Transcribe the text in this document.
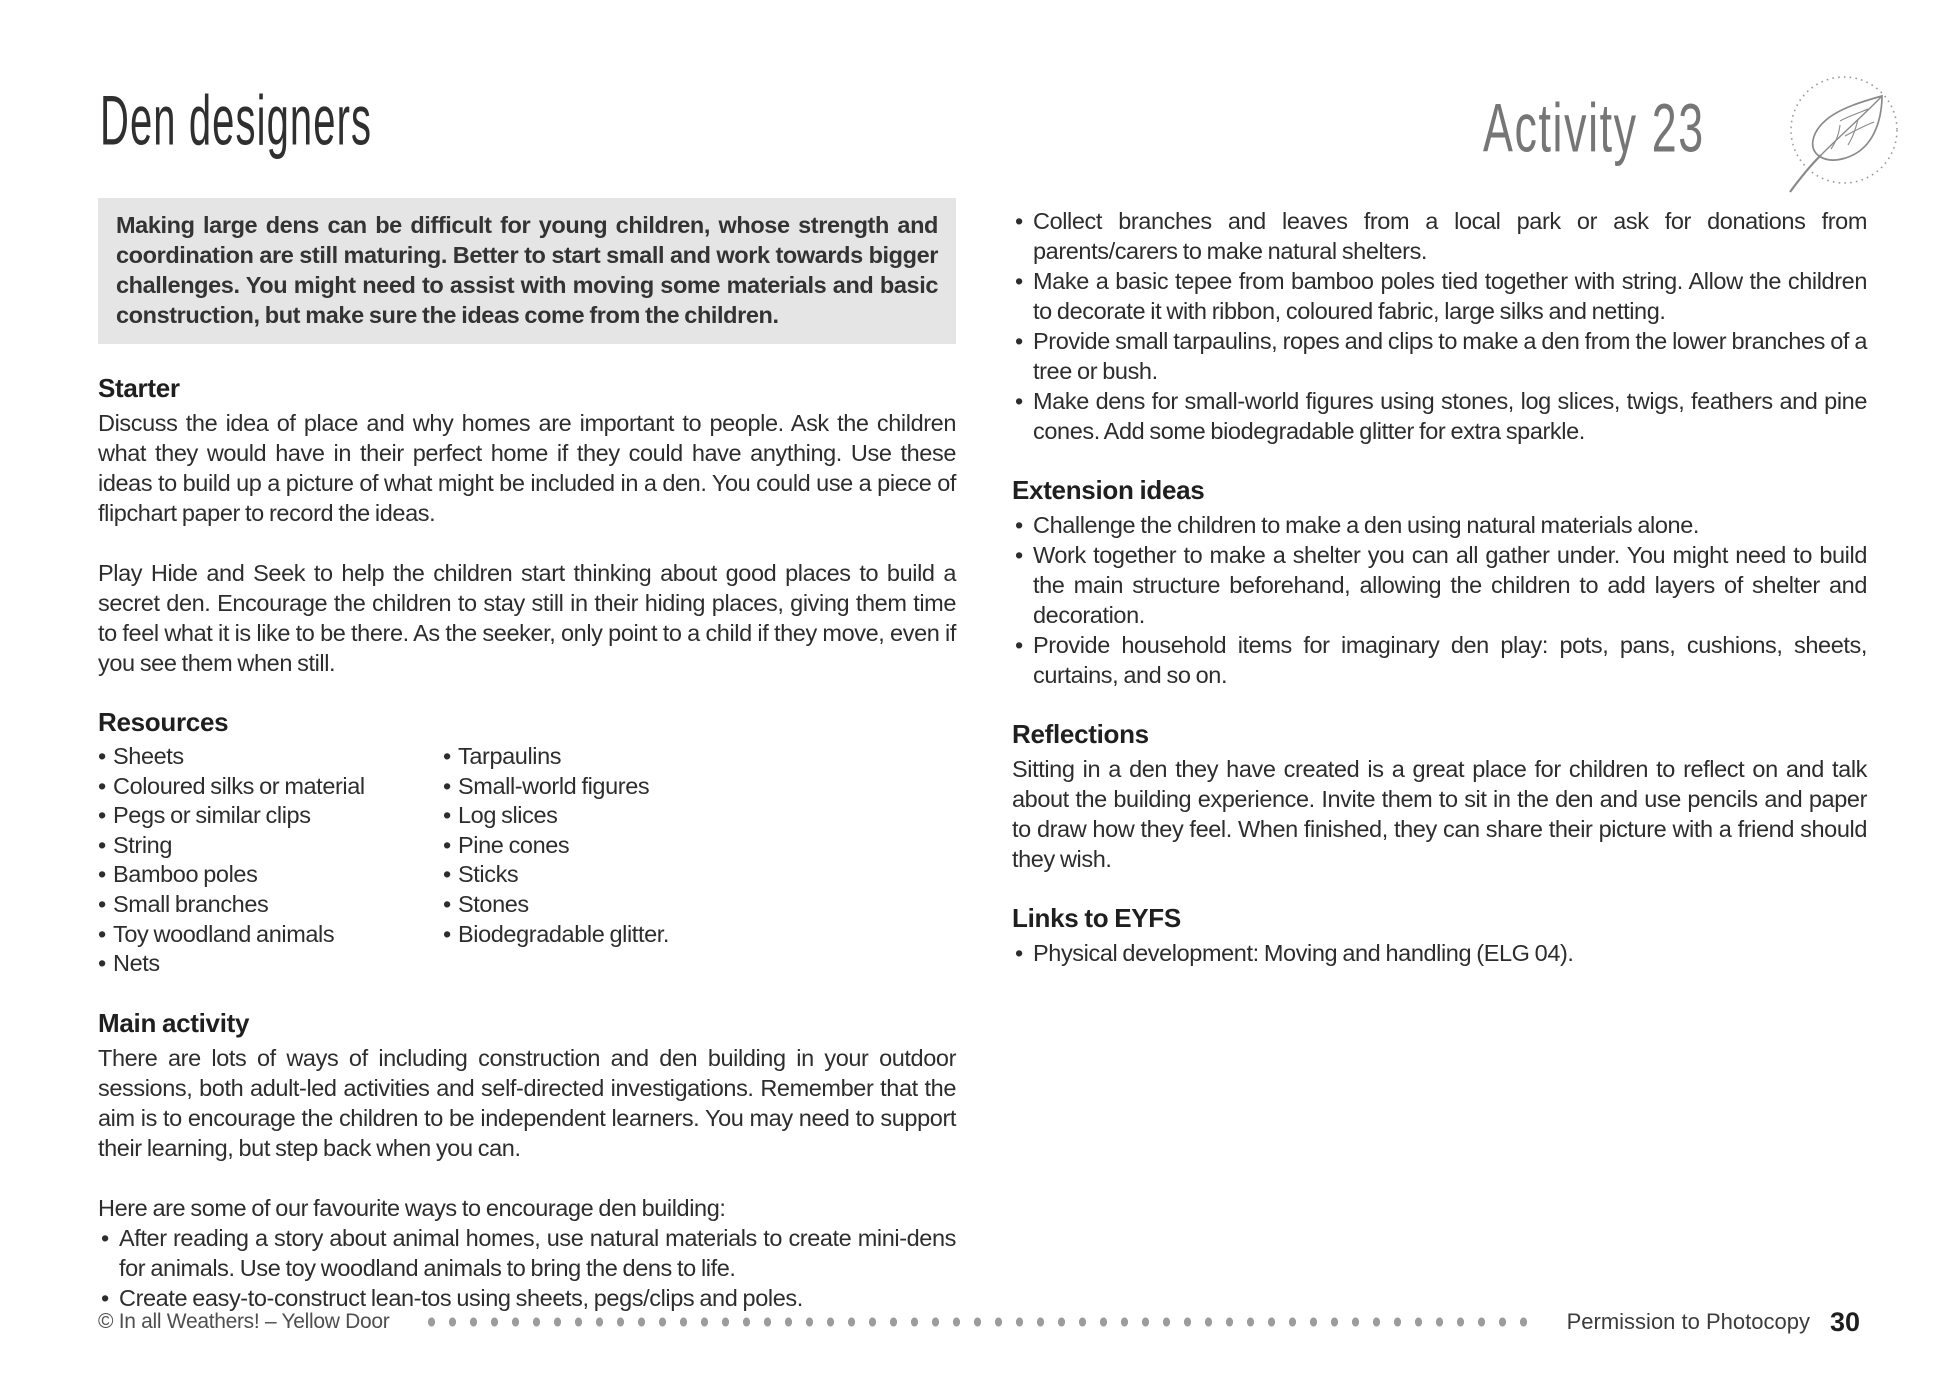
Den designers	Activity 23
Making large dens can be difficult for young children, whose strength and coordination are still maturing. Better to start small and work towards bigger challenges. You might need to assist with moving some materials and basic construction, but make sure the ideas come from the children.
Starter

Discuss the idea of place and why homes are important to people. Ask the children what they would have in their perfect home if they could have anything. Use these ideas to build up a picture of what might be included in a den. You could use a piece of flipchart paper to record the ideas.

Play Hide and Seek to help the children start thinking about good places to build a secret den. Encourage the children to stay still in their hiding places, giving them time to feel what it is like to be there. As the seeker, only point to a child if they move, even if you see them when still.

Resources
• Sheets
• Coloured silks or material
• Pegs or similar clips
• String
• Bamboo poles
• Small branches
• Toy woodland animals
• Nets
• Tarpaulins
• Small-world figures
• Log slices
• Pine cones
• Sticks
• Stones
• Biodegradable glitter.
Main activity

There are lots of ways of including construction and den building in your outdoor sessions, both adult-led activities and self-directed investigations. Remember that the aim is to encourage the children to be independent learners. You may need to support their learning, but step back when you can.

Here are some of our favourite ways to encourage den building:

• After reading a story about animal homes, use natural materials to create mini-dens for animals. Use toy woodland animals to bring the dens to life.
• Create easy-to-construct lean-tos using sheets, pegs/clips and poles.
• Collect branches and leaves from a local park or ask for donations from parents/carers to make natural shelters.
• Make a basic tepee from bamboo poles tied together with string. Allow the children to decorate it with ribbon, coloured fabric, large silks and netting.
• Provide small tarpaulins, ropes and clips to make a den from the lower branches of a tree or bush.
• Make dens for small-world figures using stones, log slices, twigs, feathers and pine cones. Add some biodegradable glitter for extra sparkle.
Extension ideas
• Challenge the children to make a den using natural materials alone.
• Work together to make a shelter you can all gather under. You might need to build the main structure beforehand, allowing the children to add layers of shelter and decoration.
• Provide household items for imaginary den play: pots, pans, cushions, sheets, curtains, and so on.
Reflections

Sitting in a den they have created is a great place for children to reflect on and talk about the building experience. Invite them to sit in the den and use pencils and paper to draw how they feel. When finished, they can share their picture with a friend should they wish.

Links to EYFS
• Physical development: Moving and handling (ELG 04).
© In all Weathers! – Yellow Door	Permission to Photocopy 30
